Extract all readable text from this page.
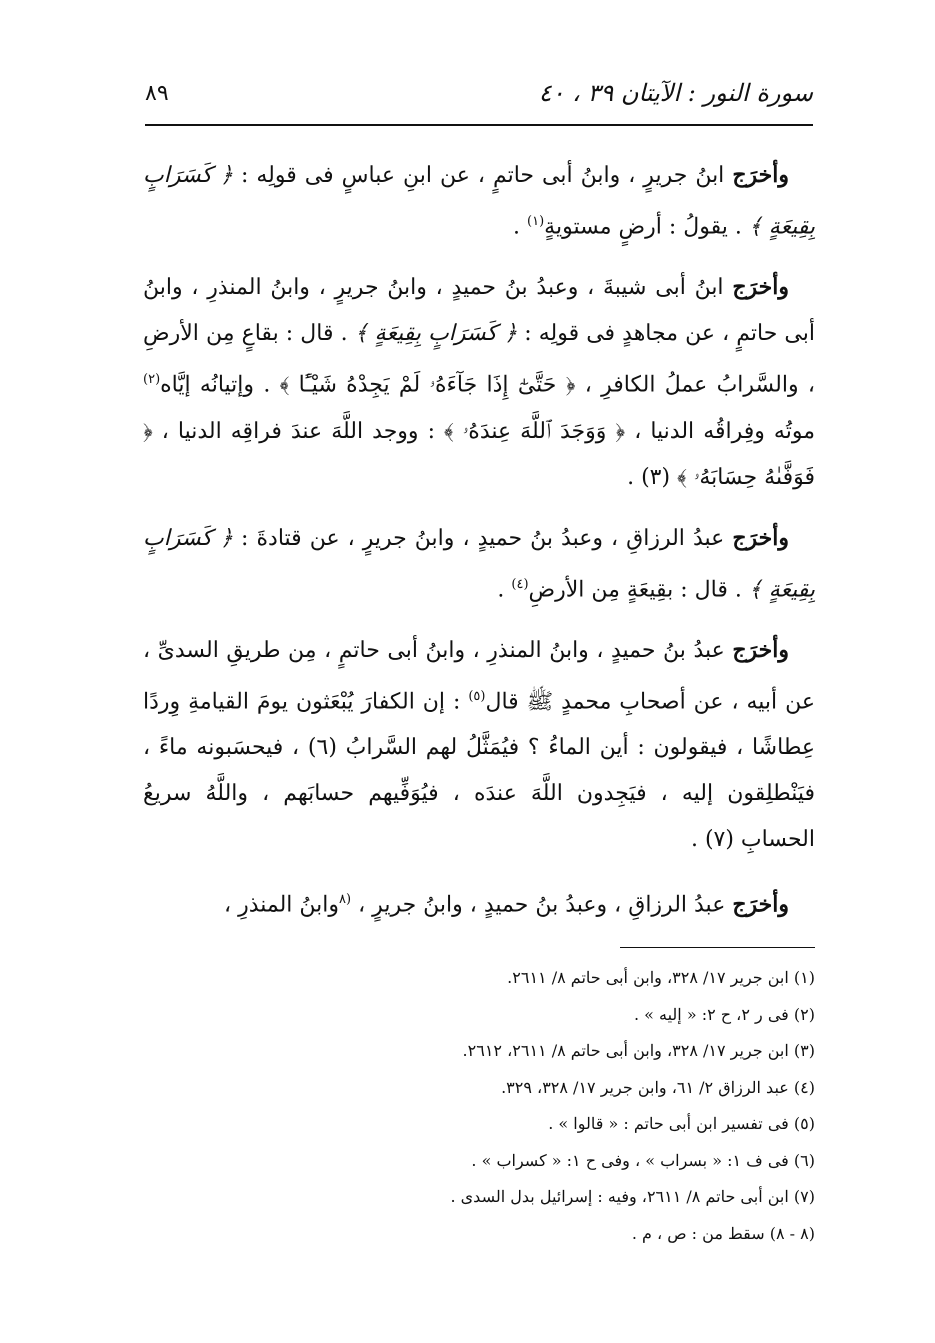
سورة النور : الآيتان ٣٩ ، ٤٠
٨٩

وأخرَج ابنُ جريرٍ ، وابنُ أبى حاتمٍ ، عن ابنِ عباسٍ فى قولِه : ﴿ كَسَرَابٍ بِقِيعَةٍ ﴾ . يقولُ : أرضٍ مستويةٍ$^{(١)}$ .

وأخرَج ابنُ أبى شيبةَ ، وعبدُ بنُ حميدٍ ، وابنُ جريرٍ ، وابنُ المنذرِ ، وابنُ أبى حاتمٍ ، عن مجاهدٍ فى قولِه : ﴿ كَسَرَابٍ بِقِيعَةٍ ﴾ . قال : بقاعٍ مِن الأرضِ ، والسَّرابُ عملُ الكافرِ ، ﴿ حَتَّىٰٓ إِذَا جَآءَهُۥ لَمْ يَجِدْهُ شَيْـًٔا ﴾ . وإتيانُه إيَّاه$^{(٢)}$ موتُه وفِراقُه الدنيا ، ﴿ وَوَجَدَ ٱللَّهَ عِندَهُۥ ﴾ : ووجد اللَّهَ عندَ فراقِه الدنيا ، ﴿ فَوَفَّىٰهُ حِسَابَهُۥ ﴾ (٣) .

وأخرَج عبدُ الرزاقِ ، وعبدُ بنُ حميدٍ ، وابنُ جريرٍ ، عن قتادةَ : ﴿ كَسَرَابٍ بِقِيعَةٍ ﴾ . قال : بقِيعَةٍ مِن الأرضِ$^{(٤)}$ .

وأخرَج عبدُ بنُ حميدٍ ، وابنُ المنذرِ ، وابنُ أبى حاتمٍ ، مِن طريقِ السدىِّ ، عن أبيه ، عن أصحابِ محمدٍ ﷺ قال$^{(٥)}$ : إن الكفارَ يُبْعَثون يومَ القيامةِ وِردًا عِطاشًا ، فيقولون : أين الماءُ ؟ فيُمَثَّلُ لهم السَّرابُ (٦) ، فيحسَبونه ماءً ، فيَنْطلِقون إليه ، فيَجِدون اللَّهَ عندَه ، فيُوَفِّيهم حسابَهم ، واللَّهُ سريعُ الحسابِ (٧) .

وأخرَج عبدُ الرزاقِ ، وعبدُ بنُ حميدٍ ، وابنُ جريرٍ ، $^{(٨}$وابنُ المنذرِ ،

(١) ابن جرير ١٧/ ٣٢٨، وابن أبى حاتم ٨/ ٢٦١١.
(٢) فى ر ٢، ح ٢: « إليه » .
(٣) ابن جرير ١٧/ ٣٢٨، وابن أبى حاتم ٨/ ٢٦١١، ٢٦١٢.
(٤) عبد الرزاق ٢/ ٦١، وابن جرير ١٧/ ٣٢٨، ٣٢٩.
(٥) فى تفسير ابن أبى حاتم : « قالوا » .
(٦) فى ف ١: « بسراب » ، وفى ح ١: « كسراب » .
(٧) ابن أبى حاتم ٨/ ٢٦١١، وفيه : إسرائيل بدل السدى .
(٨ - ٨) سقط من : ص ، م .
